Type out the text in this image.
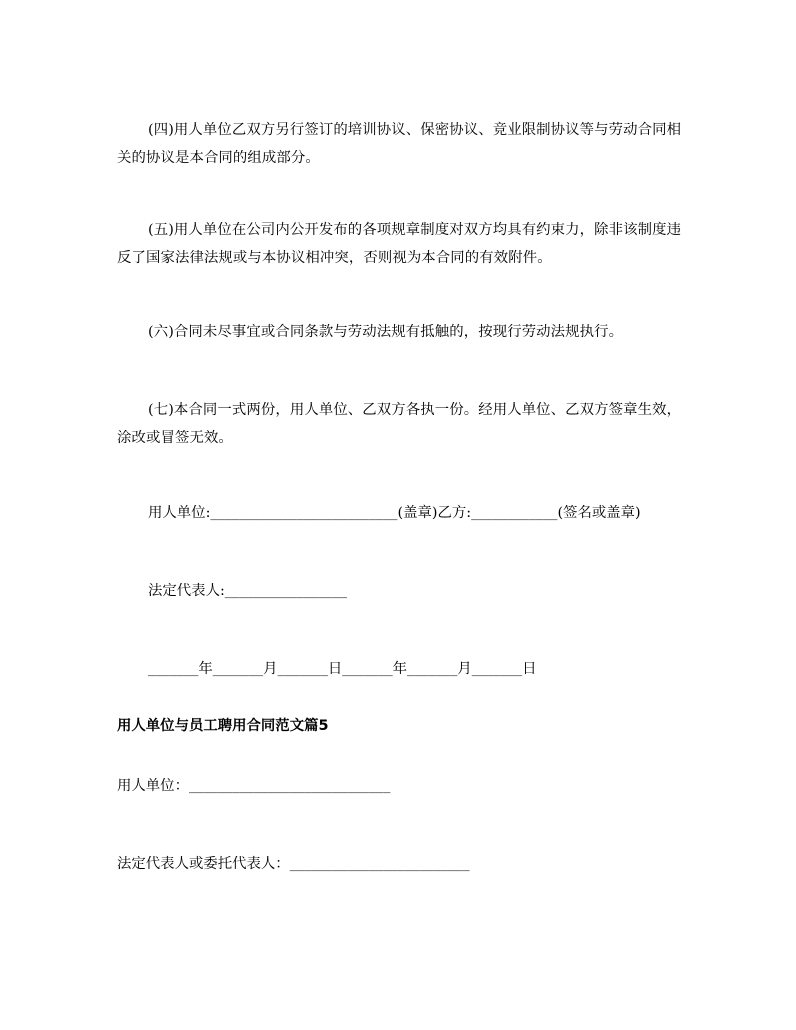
(四)用人单位乙双方另行签订的培训协议、保密协议、竞业限制协议等与劳动合同相关的协议是本合同的组成部分。

(五)用人单位在公司内公开发布的各项规章制度对双方均具有约束力，除非该制度违反了国家法律法规或与本协议相冲突，否则视为本合同的有效附件。

(六)合同未尽事宜或合同条款与劳动法规有抵触的，按现行劳动法规执行。

(七)本合同一式两份，用人单位、乙双方各执一份。经用人单位、乙双方签章生效，涂改或冒签无效。

用人单位:__________________________(盖章)乙方:____________(签名或盖章)

法定代表人:_________________

_______年_______月_______日_______年_______月_______日

用人单位与员工聘用合同范文篇5

用人单位：____________________________

法定代表人或委托代表人：_________________________
